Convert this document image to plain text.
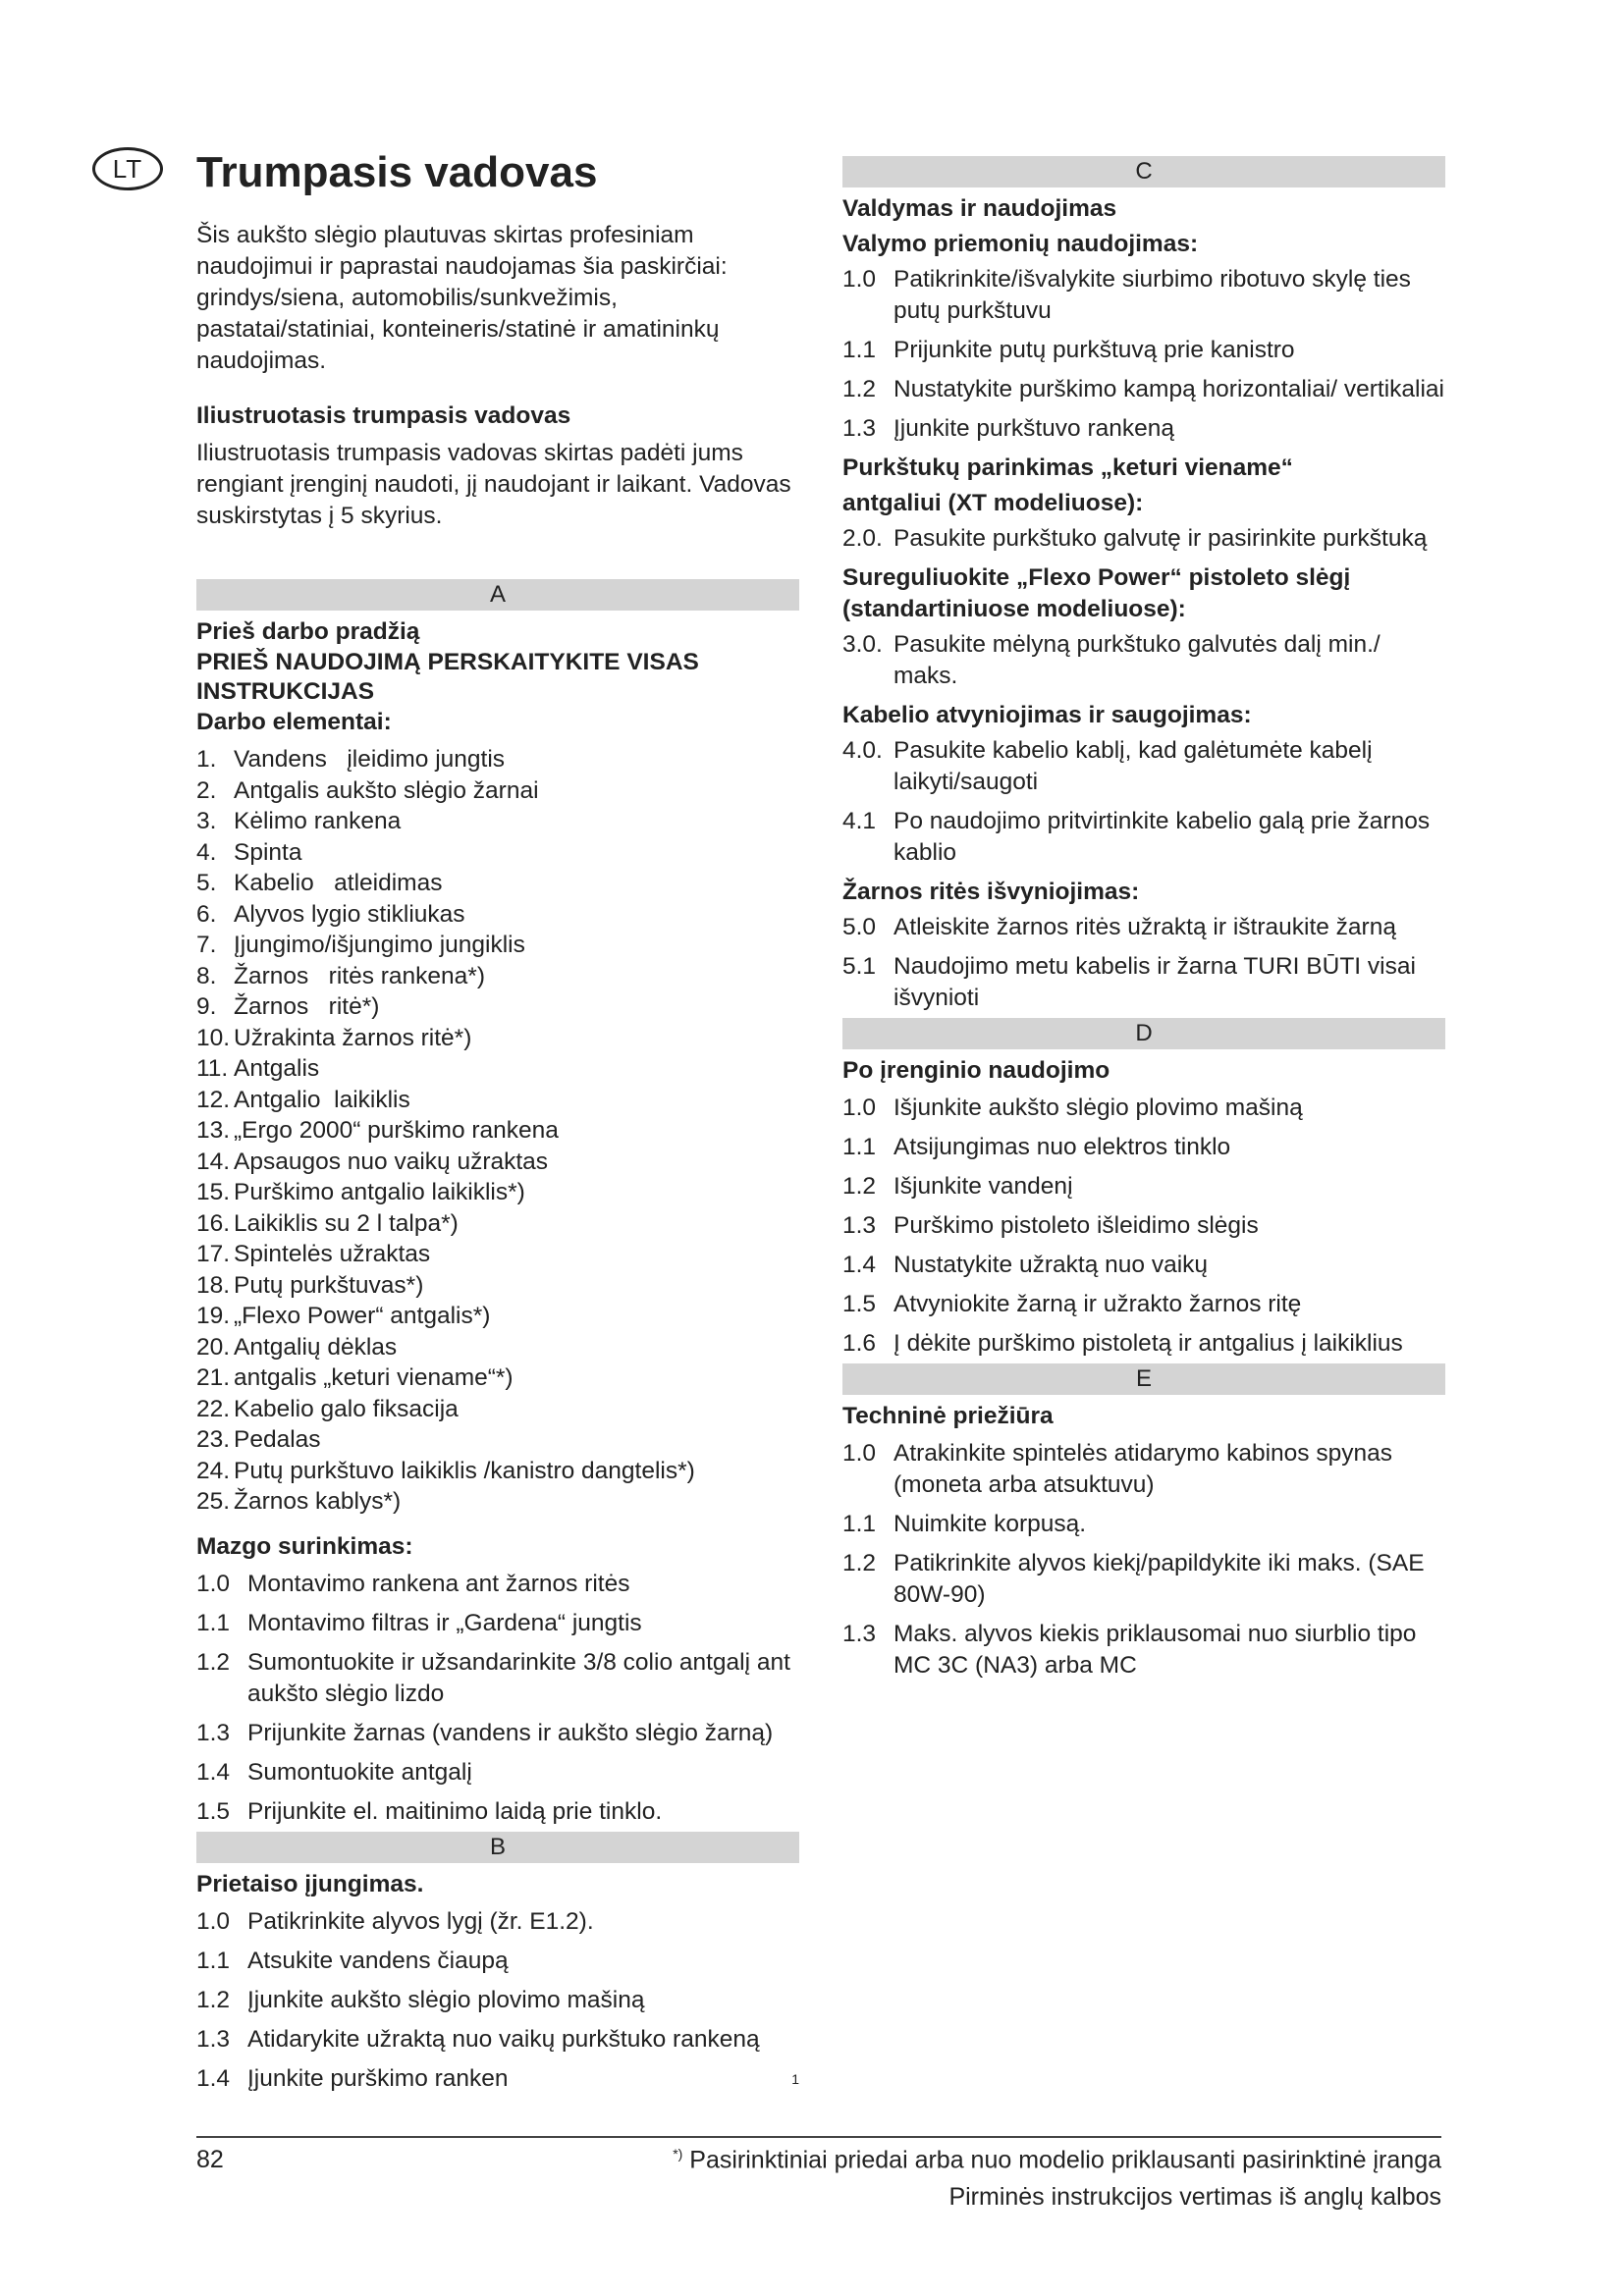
LT Trumpasis vadovas

Šis aukšto slėgio plautuvas skirtas profesiniam naudojimui ir paprastai naudojamas šia paskirčiai: grindys/siena, automobilis/sunkvežimis, pastatai/statiniai, konteineris/statinė ir amatininkų naudojimas.

Iliustruotasis trumpasis vadovas

Iliustruotasis trumpasis vadovas skirtas padėti jums rengiant įrenginį naudoti, jį naudojant ir laikant. Vadovas suskirstytas į 5 skyrius.

A
Prieš darbo pradžią
PRIEŠ NAUDOJIMĄ PERSKAITYKITE VISAS INSTRUKCIJAS
Darbo elementai:
1. Vandens   įleidimo jungtis
2. Antgalis aukšto slėgio žarnai
3. Kėlimo rankena
4. Spinta
5. Kabelio   atleidimas
6. Alyvos lygio stikliukas
7. Įjungimo/išjungimo jungiklis
8. Žarnos   ritės rankena*)
9. Žarnos   ritė*)
10. Užrakinta žarnos ritė*)
11. Antgalis
12. Antgalio  laikiklis
13. „Ergo 2000“ purškimo rankena
14. Apsaugos nuo vaikų užraktas
15. Purškimo antgalio laikiklis*)
16. Laikiklis su 2 l talpa*)
17. Spintelės užraktas
18. Putų purkštuvas*)
19. „Flexo Power“ antgalis*)
20. Antgalių dėklas
21. antgalis „keturi viename“*)
22. Kabelio galo fiksacija
23. Pedalas
24. Putų purkštuvo laikiklis /kanistro dangtelis*)
25. Žarnos kablys*)
Mazgo surinkimas:
1.0 Montavimo rankena ant žarnos ritės
1.1 Montavimo filtras ir „Gardena“ jungtis
1.2 Sumontuokite ir užsandarinkite 3/8 colio antgalį ant aukšto slėgio lizdo
1.3 Prijunkite žarnas (vandens ir aukšto slėgio žarną)
1.4 Sumontuokite antgalį
1.5 Prijunkite el. maitinimo laidą prie tinklo.
B
Prietaiso įjungimas.
1.0 Patikrinkite alyvos lygį (žr. E1.2).
1.1 Atsukite vandens čiaupą
1.2 Įjunkite aukšto slėgio plovimo mašiną
1.3 Atidarykite užraktą nuo vaikų purkštuko rankeną
1.4 Įjunkite purškimo ranken	1
C
Valdymas ir naudojimas
Valymo priemonių naudojimas:
1.0 Patikrinkite/išvalykite siurbimo ribotuvo skylę ties putų purkštuvu
1.1 Prijunkite putų purkštuvą prie kanistro
1.2 Nustatykite purškimo kampą horizontaliai/ vertikaliai
1.3 Įjunkite purkštuvo rankeną
Purkštukų parinkimas „keturi viename“
antgaliui (XT modeliuose):
2.0. Pasukite purkštuko galvutę ir pasirinkite purkštuką
Sureguliuokite „Flexo Power“ pistoleto slėgį (standartiniuose modeliuose):
3.0. Pasukite mėlyną purkštuko galvutės dalį min./ maks.
Kabelio atvyniojimas ir saugojimas:
4.0. Pasukite kabelio kablį, kad galėtumėte kabelį laikyti/saugoti
4.1 Po naudojimo pritvirtinkite kabelio galą prie žarnos kablio
Žarnos ritės išvyniojimas:
5.0 Atleiskite žarnos ritės užraktą ir ištraukite žarną
5.1 Naudojimo metu kabelis ir žarna TURI BŪTI visai išvynioti
D
Po įrenginio naudojimo
1.0 Išjunkite aukšto slėgio plovimo mašiną
1.1 Atsijungimas nuo elektros tinklo
1.2 Išjunkite vandenį
1.3 Purškimo pistoleto išleidimo slėgis
1.4 Nustatykite užraktą nuo vaikų
1.5 Atvyniokite žarną ir užrakto žarnos ritę
1.6 Į dėkite purškimo pistoletą ir antgalius į laikiklius
E
Techninė priežiūra
1.0 Atrakinkite spintelės atidarymo kabinos spynas (moneta arba atsuktuvu)
1.1 Nuimkite korpusą.
1.2 Patikrinkite alyvos kiekį/papildykite iki maks. (SAE 80W-90)
1.3 Maks. alyvos kiekis priklausomai nuo siurblio tipo MC 3C (NA3) arba MC
82	*) Pasirinktiniai priedai arba nuo modelio priklausanti pasirinktinė įranga
Pirminės instrukcijos vertimas iš anglų kalbos
